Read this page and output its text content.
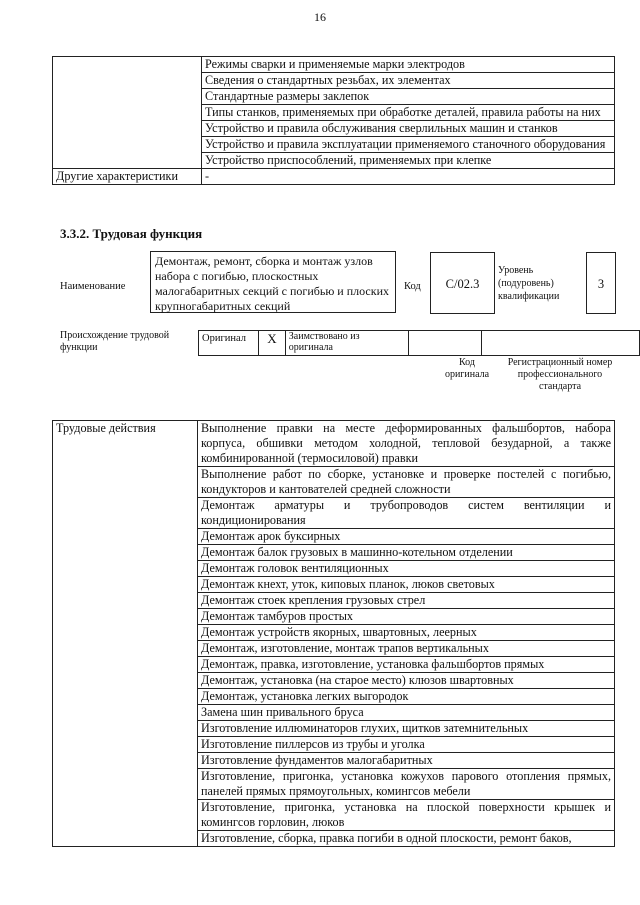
16
	Режимы сварки и применяемые марки электродов
	Сведения о стандартных резьбах, их элементах
	Стандартные размеры заклепок
	Типы станков, применяемых при обработке деталей, правила работы на них
	Устройство и правила обслуживания сверлильных машин и станков
	Устройство и правила эксплуатации применяемого станочного оборудования
	Устройство приспособлений, применяемых при клепке
Другие характеристики	-
3.3.2. Трудовая функция
Наименование
Демонтаж, ремонт, сборка и монтаж узлов набора с погибью, плоскостных малогабаритных секций с погибью и плоских крупногабаритных секций
Код	С/02.3
Уровень (подуровень) квалификации
3
Происхождение трудовой функции
Оригинал	X	Заимствовано из оригинала		
Код оригинала
Регистрационный номер профессионального стандарта
Трудовые действия	Выполнение правки на месте деформированных фальшбортов, набора корпуса, обшивки методом холодной, тепловой безударной, а также комбинированной (термосиловой) правки
Выполнение работ по сборке, установке и проверке постелей с погибью, кондукторов и кантователей средней сложности
Демонтаж арматуры и трубопроводов систем вентиляции и кондиционирования
Демонтаж арок буксирных
Демонтаж балок грузовых в машинно-котельном отделении
Демонтаж головок вентиляционных
Демонтаж кнехт, уток, киповых планок, люков световых
Демонтаж стоек крепления грузовых стрел
Демонтаж тамбуров простых
Демонтаж устройств якорных, швартовных, леерных
Демонтаж, изготовление, монтаж трапов вертикальных
Демонтаж, правка, изготовление, установка фальшбортов прямых
Демонтаж, установка (на старое место) клюзов швартовных
Демонтаж, установка легких выгородок
Замена шин привального бруса
Изготовление иллюминаторов глухих, щитков затемнительных
Изготовление пиллерсов из трубы и уголка
Изготовление фундаментов малогабаритных
Изготовление, пригонка, установка кожухов парового отопления прямых, панелей прямых прямоугольных, комингсов мебели
Изготовление, пригонка, установка на плоской поверхности крышек и комингсов горловин, люков
Изготовление, сборка, правка погиби в одной плоскости, ремонт баков,
